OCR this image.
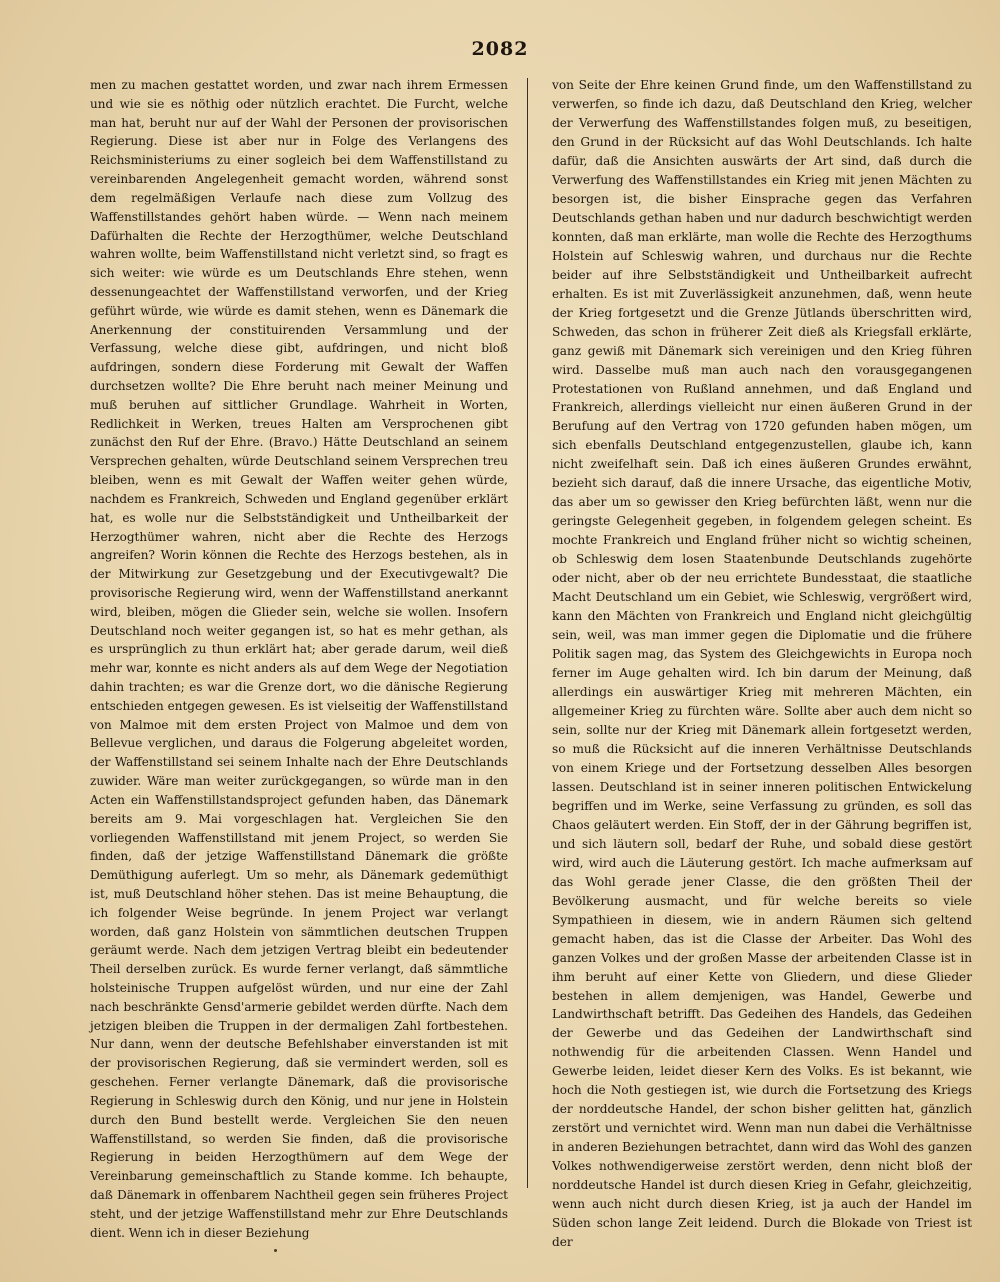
2082
men zu machen gestattet worden, und zwar nach ihrem Ermessen und wie sie es nöthig oder nützlich erachtet. Die Furcht, welche man hat, beruht nur auf der Wahl der Personen der provisorischen Regierung. Diese ist aber nur in Folge des Verlangens des Reichsministeriums zu einer sogleich bei dem Waffenstillstand zu vereinbarenden Angelegenheit gemacht worden, während sonst dem regelmäßigen Verlaufe nach diese zum Vollzug des Waffenstillstandes gehört haben würde. — Wenn nach meinem Dafürhalten die Rechte der Herzogthümer, welche Deutschland wahren wollte, beim Waffenstillstand nicht verletzt sind, so fragt es sich weiter: wie würde es um Deutschlands Ehre stehen, wenn dessenungeachtet der Waffenstillstand verworfen, und der Krieg geführt würde, wie würde es damit stehen, wenn es Dänemark die Anerkennung der constituirenden Versammlung und der Verfassung, welche diese gibt, aufdringen, und nicht bloß aufdringen, sondern diese Forderung mit Gewalt der Waffen durchsetzen wollte? Die Ehre beruht nach meiner Meinung und muß beruhen auf sittlicher Grundlage. Wahrheit in Worten, Redlichkeit in Werken, treues Halten am Versprochenen gibt zunächst den Ruf der Ehre. (Bravo.) Hätte Deutschland an seinem Versprechen gehalten, würde Deutschland seinem Versprechen treu bleiben, wenn es mit Gewalt der Waffen weiter gehen würde, nachdem es Frankreich, Schweden und England gegenüber erklärt hat, es wolle nur die Selbstständigkeit und Untheilbarkeit der Herzogthümer wahren, nicht aber die Rechte des Herzogs angreifen? Worin können die Rechte des Herzogs bestehen, als in der Mitwirkung zur Gesetzgebung und der Executivgewalt? Die provisorische Regierung wird, wenn der Waffenstillstand anerkannt wird, bleiben, mögen die Glieder sein, welche sie wollen. Insofern Deutschland noch weiter gegangen ist, so hat es mehr gethan, als es ursprünglich zu thun erklärt hat; aber gerade darum, weil dieß mehr war, konnte es nicht anders als auf dem Wege der Negotiation dahin trachten; es war die Grenze dort, wo die dänische Regierung entschieden entgegen gewesen. Es ist vielseitig der Waffenstillstand von Malmoe mit dem ersten Project von Malmoe und dem von Bellevue verglichen, und daraus die Folgerung abgeleitet worden, der Waffenstillstand sei seinem Inhalte nach der Ehre Deutschlands zuwider. Wäre man weiter zurückgegangen, so würde man in den Acten ein Waffenstillstandsproject gefunden haben, das Dänemark bereits am 9. Mai vorgeschlagen hat. Vergleichen Sie den vorliegenden Waffenstillstand mit jenem Project, so werden Sie finden, daß der jetzige Waffenstillstand Dänemark die größte Demüthigung auferlegt. Um so mehr, als Dänemark gedemüthigt ist, muß Deutschland höher stehen. Das ist meine Behauptung, die ich folgender Weise begründe. In jenem Project war verlangt worden, daß ganz Holstein von sämmtlichen deutschen Truppen geräumt werde. Nach dem jetzigen Vertrag bleibt ein bedeutender Theil derselben zurück. Es wurde ferner verlangt, daß sämmtliche holsteinische Truppen aufgelöst würden, und nur eine der Zahl nach beschränkte Gensd'armerie gebildet werden dürfte. Nach dem jetzigen bleiben die Truppen in der dermaligen Zahl fortbestehen. Nur dann, wenn der deutsche Befehlshaber einverstanden ist mit der provisorischen Regierung, daß sie vermindert werden, soll es geschehen. Ferner verlangte Dänemark, daß die provisorische Regierung in Schleswig durch den König, und nur jene in Holstein durch den Bund bestellt werde. Vergleichen Sie den neuen Waffenstillstand, so werden Sie finden, daß die provisorische Regierung in beiden Herzogthümern auf dem Wege der Vereinbarung gemeinschaftlich zu Stande komme. Ich behaupte, daß Dänemark in offenbarem Nachtheil gegen sein früheres Project steht, und der jetzige Waffenstillstand mehr zur Ehre Deutschlands dient. Wenn ich in dieser Beziehung
von Seite der Ehre keinen Grund finde, um den Waffenstillstand zu verwerfen, so finde ich dazu, daß Deutschland den Krieg, welcher der Verwerfung des Waffenstillstandes folgen muß, zu beseitigen, den Grund in der Rücksicht auf das Wohl Deutschlands. Ich halte dafür, daß die Ansichten auswärts der Art sind, daß durch die Verwerfung des Waffenstillstandes ein Krieg mit jenen Mächten zu besorgen ist, die bisher Einsprache gegen das Verfahren Deutschlands gethan haben und nur dadurch beschwichtigt werden konnten, daß man erklärte, man wolle die Rechte des Herzogthums Holstein auf Schleswig wahren, und durchaus nur die Rechte beider auf ihre Selbstständigkeit und Untheilbarkeit aufrecht erhalten. Es ist mit Zuverlässigkeit anzunehmen, daß, wenn heute der Krieg fortgesetzt und die Grenze Jütlands überschritten wird, Schweden, das schon in früherer Zeit dieß als Kriegsfall erklärte, ganz gewiß mit Dänemark sich vereinigen und den Krieg führen wird. Dasselbe muß man auch nach den vorausgegangenen Protestationen von Rußland annehmen, und daß England und Frankreich, allerdings vielleicht nur einen äußeren Grund in der Berufung auf den Vertrag von 1720 gefunden haben mögen, um sich ebenfalls Deutschland entgegenzustellen, glaube ich, kann nicht zweifelhaft sein. Daß ich eines äußeren Grundes erwähnt, bezieht sich darauf, daß die innere Ursache, das eigentliche Motiv, das aber um so gewisser den Krieg befürchten läßt, wenn nur die geringste Gelegenheit gegeben, in folgendem gelegen scheint. Es mochte Frankreich und England früher nicht so wichtig scheinen, ob Schleswig dem losen Staatenbunde Deutschlands zugehörte oder nicht, aber ob der neu errichtete Bundesstaat, die staatliche Macht Deutschland um ein Gebiet, wie Schleswig, vergrößert wird, kann den Mächten von Frankreich und England nicht gleichgültig sein, weil, was man immer gegen die Diplomatie und die frühere Politik sagen mag, das System des Gleichgewichts in Europa noch ferner im Auge gehalten wird. Ich bin darum der Meinung, daß allerdings ein auswärtiger Krieg mit mehreren Mächten, ein allgemeiner Krieg zu fürchten wäre. Sollte aber auch dem nicht so sein, sollte nur der Krieg mit Dänemark allein fortgesetzt werden, so muß die Rücksicht auf die inneren Verhältnisse Deutschlands von einem Kriege und der Fortsetzung desselben Alles besorgen lassen. Deutschland ist in seiner inneren politischen Entwickelung begriffen und im Werke, seine Verfassung zu gründen, es soll das Chaos geläutert werden. Ein Stoff, der in der Gährung begriffen ist, und sich läutern soll, bedarf der Ruhe, und sobald diese gestört wird, wird auch die Läuterung gestört. Ich mache aufmerksam auf das Wohl gerade jener Classe, die den größten Theil der Bevölkerung ausmacht, und für welche bereits so viele Sympathieen in diesem, wie in andern Räumen sich geltend gemacht haben, das ist die Classe der Arbeiter. Das Wohl des ganzen Volkes und der großen Masse der arbeitenden Classe ist in ihm beruht auf einer Kette von Gliedern, und diese Glieder bestehen in allem demjenigen, was Handel, Gewerbe und Landwirthschaft betrifft. Das Gedeihen des Handels, das Gedeihen der Gewerbe und das Gedeihen der Landwirthschaft sind nothwendig für die arbeitenden Classen. Wenn Handel und Gewerbe leiden, leidet dieser Kern des Volks. Es ist bekannt, wie hoch die Noth gestiegen ist, wie durch die Fortsetzung des Kriegs der norddeutsche Handel, der schon bisher gelitten hat, gänzlich zerstört und vernichtet wird. Wenn man nun dabei die Verhältnisse in anderen Beziehungen betrachtet, dann wird das Wohl des ganzen Volkes nothwendigerweise zerstört werden, denn nicht bloß der norddeutsche Handel ist durch diesen Krieg in Gefahr, gleichzeitig, wenn auch nicht durch diesen Krieg, ist ja auch der Handel im Süden schon lange Zeit leidend. Durch die Blokade von Triest ist der
